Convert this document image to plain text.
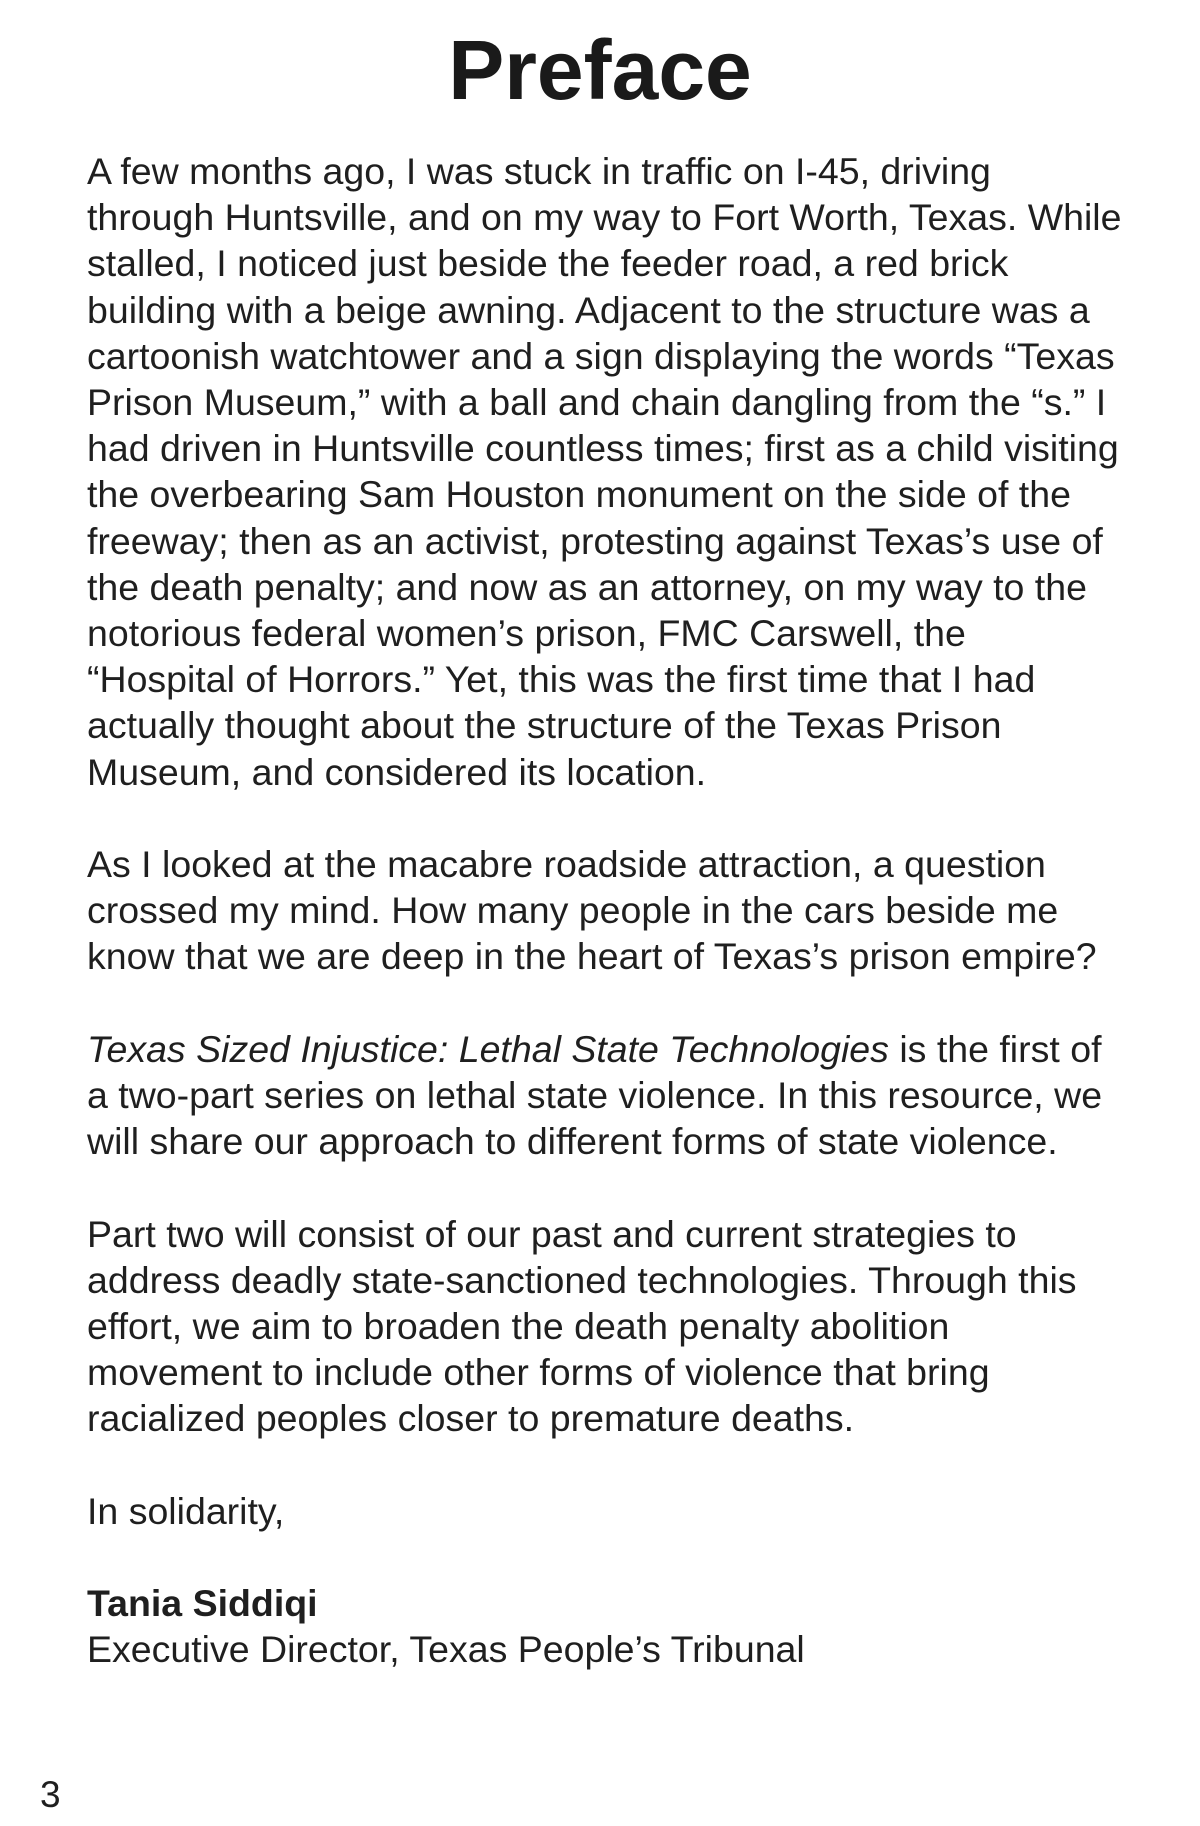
Preface

A few months ago, I was stuck in traffic on I-45, driving through Huntsville, and on my way to Fort Worth, Texas. While stalled, I noticed just beside the feeder road, a red brick building with a beige awning. Adjacent to the structure was a cartoonish watchtower and a sign displaying the words “Texas Prison Museum,” with a ball and chain dangling from the “s.” I had driven in Huntsville countless times; first as a child visiting the overbearing Sam Houston monument on the side of the freeway; then as an activist, protesting against Texas’s use of the death penalty; and now as an attorney, on my way to the notorious federal women’s prison, FMC Carswell, the “Hospital of Horrors.” Yet, this was the first time that I had actually thought about the structure of the Texas Prison Museum, and considered its location.

As I looked at the macabre roadside attraction, a question crossed my mind. How many people in the cars beside me know that we are deep in the heart of Texas’s prison empire?

Texas Sized Injustice: Lethal State Technologies is the first of a two-part series on lethal state violence. In this resource, we will share our approach to different forms of state violence.

Part two will consist of our past and current strategies to address deadly state-sanctioned technologies. Through this effort, we aim to broaden the death penalty abolition movement to include other forms of violence that bring racialized peoples closer to premature deaths.

In solidarity,

Tania Siddiqi

Executive Director, Texas People’s Tribunal

3
